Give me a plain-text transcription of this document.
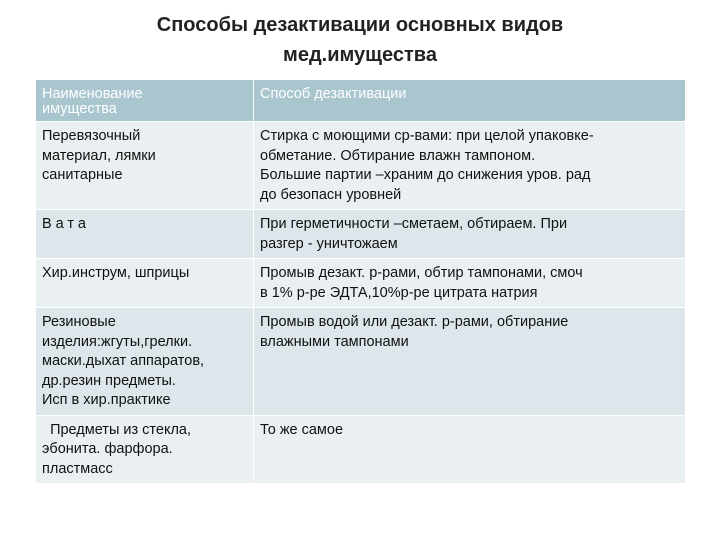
Способы дезактивации основных видов
мед.имущества
Наименование
имущества	Способ дезактивации
Перевязочный
материал, лямки
санитарные	Стирка с моющими ср-вами: при целой упаковке-
обметание. Обтирание влажн тампоном.
Большие партии –храним до снижения уров. рад
до безопасн уровней
Вата	При герметичности –сметаем, обтираем. При
разгер - уничтожаем
Хир.инструм, шприцы	Промыв дезакт. р-рами, обтир тампонами, смоч
в 1% р-ре ЭДТА,10%р-ре цитрата натрия
Резиновые
изделия:жгуты,грелки.
маски.дыхат аппаратов,
др.резин предметы.
Исп в хир.практике	Промыв водой или дезакт. р-рами, обтирание
влажными тампонами
Предметы из стекла,
эбонита. фарфора.
пластмасс	То же самое
